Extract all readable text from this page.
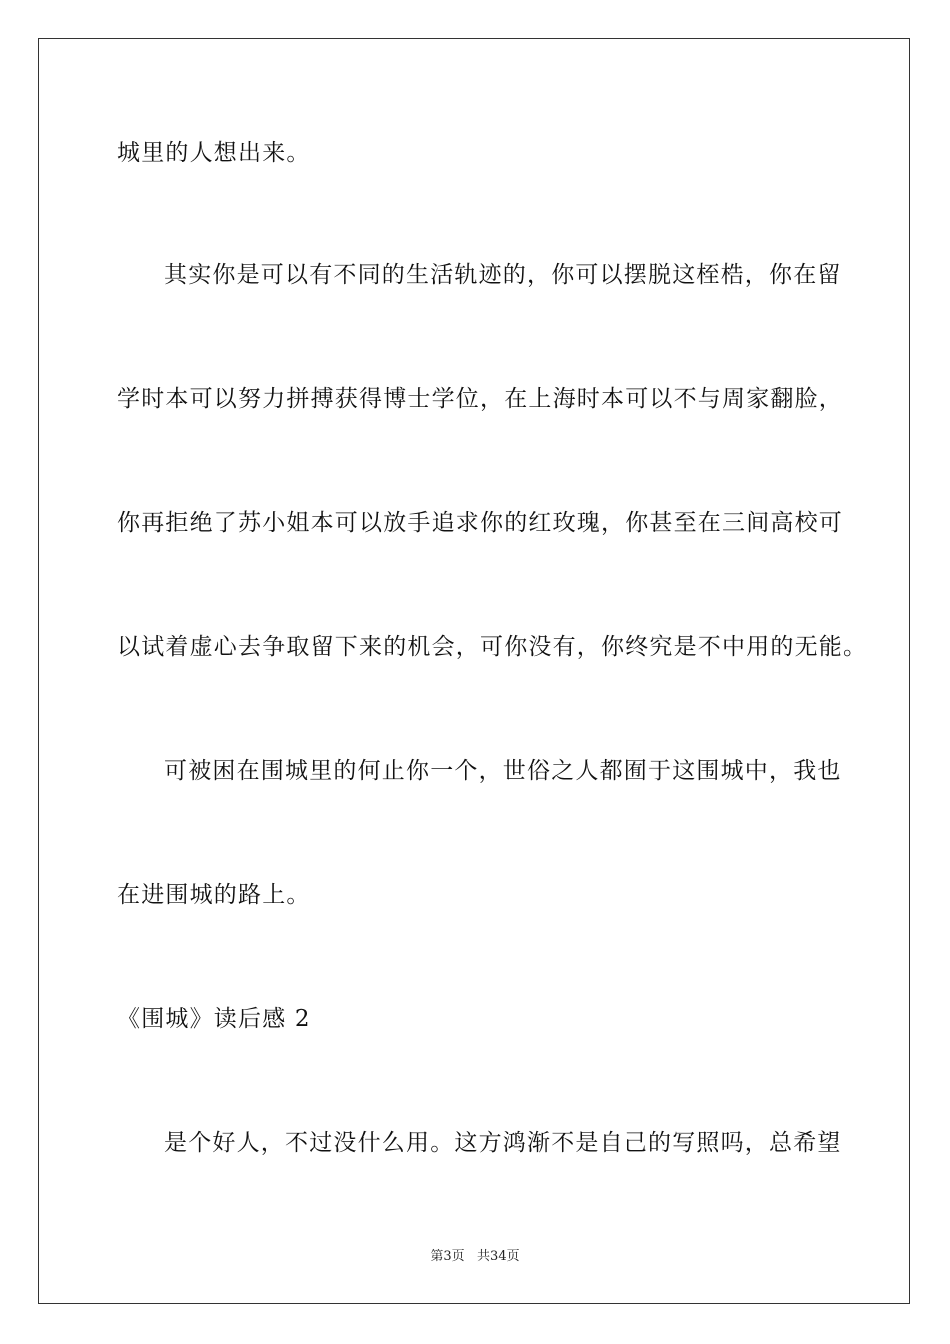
城里的人想出来。
其实你是可以有不同的生活轨迹的，你可以摆脱这桎梏，你在留
学时本可以努力拼搏获得博士学位，在上海时本可以不与周家翻脸，
你再拒绝了苏小姐本可以放手追求你的红玫瑰，你甚至在三间高校可
以试着虚心去争取留下来的机会，可你没有，你终究是不中用的无能。
可被困在围城里的何止你一个，世俗之人都囿于这围城中，我也
在进围城的路上。
《围城》读后感 2
是个好人，不过没什么用。这方鸿渐不是自己的写照吗，总希望
第3页   共34页
